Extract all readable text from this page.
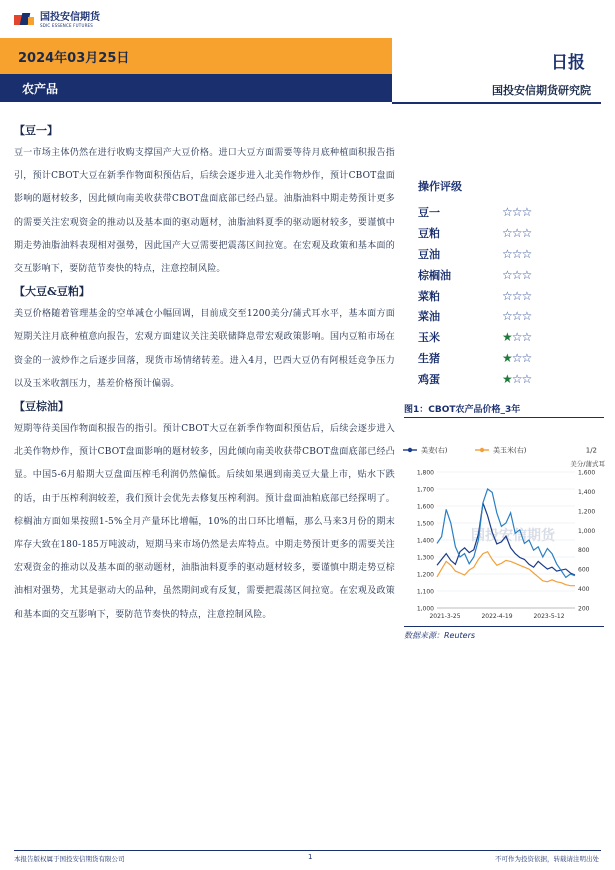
国投安信期货
SDIC ESSENCE FUTURES
2024年03月25日
农产品
日报
国投安信期货研究院
【豆一】
豆一市场主体仍然在进行收购支撑国产大豆价格。进口大豆方面需要等待月底种植面积报告指引，预计CBOT大豆在新季作物面积预估后，后续会逐步进入北美作物炒作，预计CBOT盘面影响的题材较多，因此倾向南美收获带CBOT盘面底部已经凸显。油脂油料中期走势预计更多的需要关注宏观资金的推动以及基本面的驱动题材，油脂油料夏季的驱动题材较多，要谨慎中期走势油脂油料表现相对强势，因此国产大豆需要把震荡区间拉宽。在宏观及政策和基本面的交互影响下，要防范节奏快的特点，注意控制风险。
【大豆&豆粕】
美豆价格随着管理基金的空单减仓小幅回调，目前成交至1200美分/蒲式耳水平，基本面方面短期关注月底种植意向报告，宏观方面建议关注美联储降息带宏观政策影响。国内豆粕市场在资金的一波炒作之后逐步回落，现货市场情绪转差。进入4月，巴西大豆仍有阿根廷竞争压力以及玉米收割压力，基差价格预计偏弱。
【豆棕油】
短期等待美国作物面积报告的指引。预计CBOT大豆在新季作物面积预估后，后续会逐步进入北美作物炒作，预计CBOT盘面影响的题材较多，因此倾向南美收获带CBOT盘面底部已经凸显。中国5-6月船期大豆盘面压榨毛利润仍然偏低。后续如果遇到南美豆大量上市，贴水下跌的话，由于压榨利润较差，我们预计会优先去修复压榨利润。预计盘面油粕底部已经探明了。棕榈油方面如果按照1-5%全月产量环比增幅，10%的出口环比增幅，那么马来3月份的期末库存大致在180-185万吨波动，短期马来市场仍然是去库特点。中期走势预计更多的需要关注宏观资金的推动以及基本面的驱动题材，油脂油料夏季的驱动题材较多，要谨慎中期走势豆棕油相对强势，尤其是驱动大的品种，虽然期间或有反复，需要把震荡区间拉宽。在宏观及政策和基本面的交互影响下，要防范节奏快的特点，注意控制风险。
操作评级
豆一	☆☆☆
豆粕	☆☆☆
豆油	☆☆☆
棕榈油	☆☆☆
菜粕	☆☆☆
菜油	☆☆☆
玉米	★☆☆
生猪	★☆☆
鸡蛋	★☆☆
图1：CBOT农产品价格_3年
国投安信期货
1,000
1,100
1,200
1,300
1,400
1,500
1,600
1,700
1,800
200
400
600
800
1,000
1,200
1,400
1,600
2021-3-25	2022-4-19	2023-5-12
美麦(右)	美玉米(右)	1/2
美分/蒲式耳
数据来源：Reuters
本报告版权属于国投安信期货有限公司	1	不可作为投资依据，转载请注明出处
